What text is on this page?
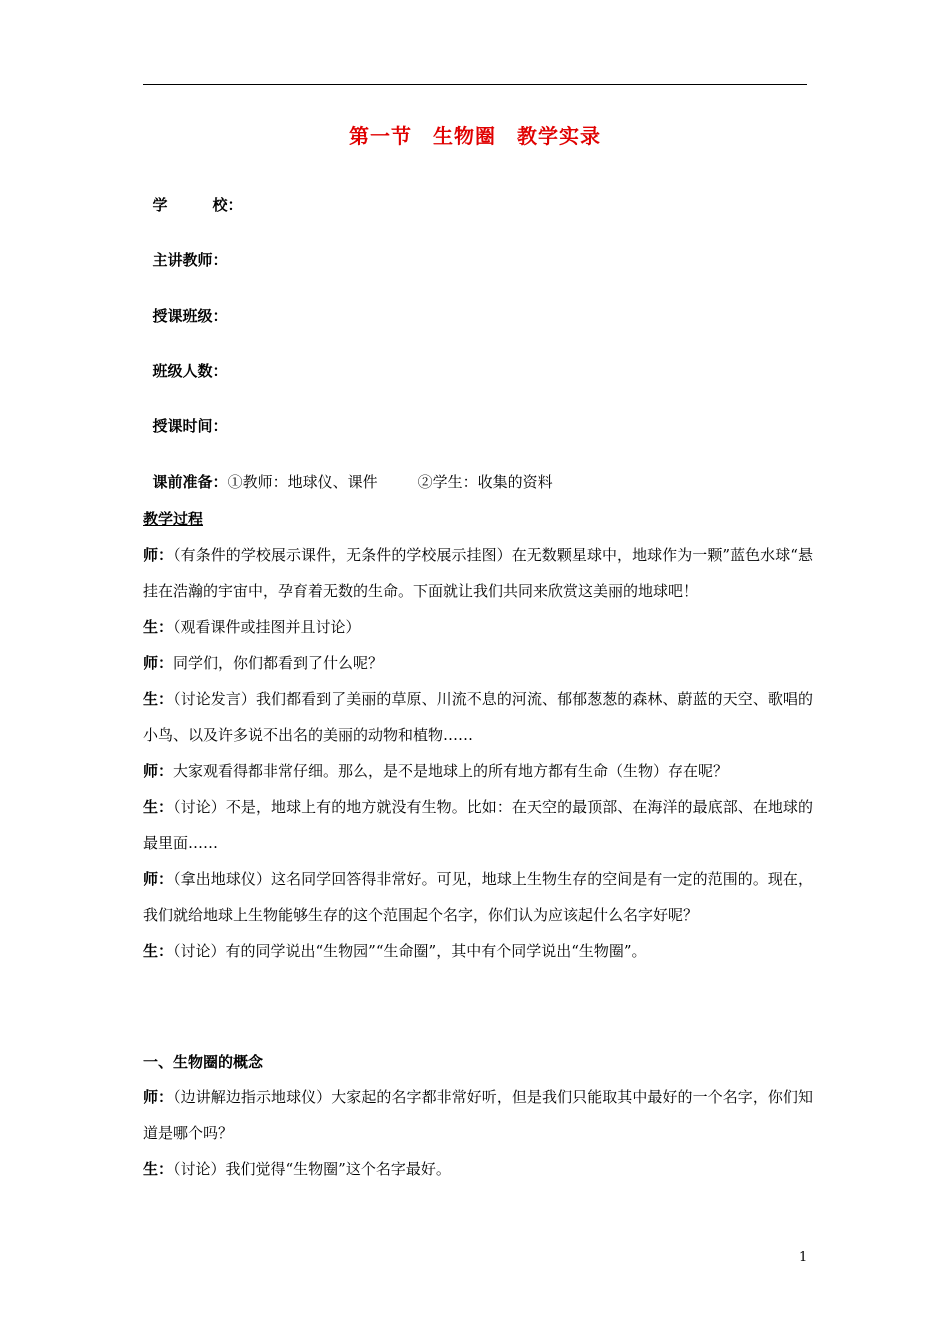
第一节　生物圈　教学实录

学　　　校：

主讲教师：

授课班级：

班级人数：

授课时间：

课前准备：①教师：地球仪、课件	②学生：收集的资料

教学过程
师：（有条件的学校展示课件，无条件的学校展示挂图）在无数颗星球中，地球作为一颗”蓝色水球“悬挂在浩瀚的宇宙中，孕育着无数的生命。下面就让我们共同来欣赏这美丽的地球吧！
生：（观看课件或挂图并且讨论）
师：同学们，你们都看到了什么呢？
生：（讨论发言）我们都看到了美丽的草原、川流不息的河流、郁郁葱葱的森林、蔚蓝的天空、歌唱的小鸟、以及许多说不出名的美丽的动物和植物……
师：大家观看得都非常仔细。那么，是不是地球上的所有地方都有生命（生物）存在呢？
生：（讨论）不是，地球上有的地方就没有生物。比如：在天空的最顶部、在海洋的最底部、在地球的最里面……
师：（拿出地球仪）这名同学回答得非常好。可见，地球上生物生存的空间是有一定的范围的。现在，我们就给地球上生物能够生存的这个范围起个名字，你们认为应该起什么名字好呢？
生：（讨论）有的同学说出“生物园”“生命圈”，其中有个同学说出“生物圈”。
一、生物圈的概念
师：（边讲解边指示地球仪）大家起的名字都非常好听，但是我们只能取其中最好的一个名字，你们知道是哪个吗？
生：（讨论）我们觉得“生物圈”这个名字最好。
1
